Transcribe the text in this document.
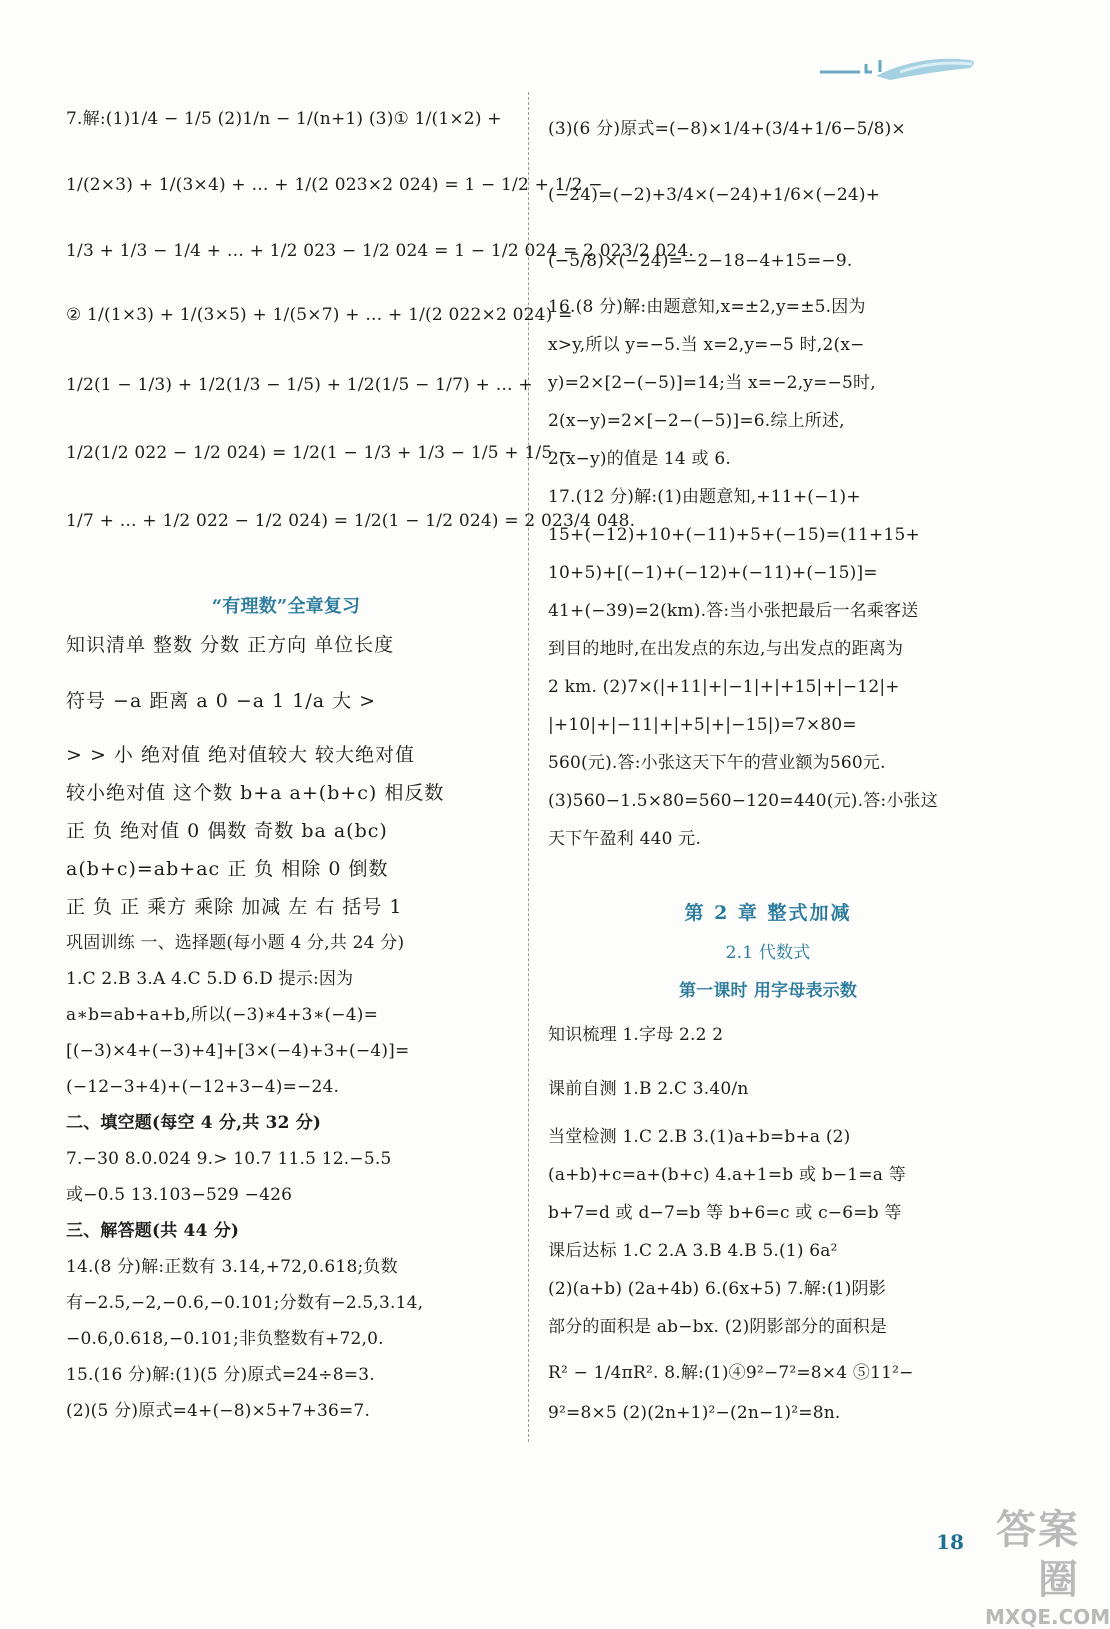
7.解:(1)1/4 − 1/5 (2)1/n − 1/(n+1) (3)① 1/(1×2) +

1/(2×3) + 1/(3×4) + … + 1/(2 023×2 024) = 1 − 1/2 + 1/2 −

1/3 + 1/3 − 1/4 + … + 1/2 023 − 1/2 024 = 1 − 1/2 024 = 2 023/2 024.

② 1/(1×3) + 1/(3×5) + 1/(5×7) + … + 1/(2 022×2 024) =

1/2(1 − 1/3) + 1/2(1/3 − 1/5) + 1/2(1/5 − 1/7) + … +

1/2(1/2 022 − 1/2 024) = 1/2(1 − 1/3 + 1/3 − 1/5 + 1/5 −

1/7 + … + 1/2 022 − 1/2 024) = 1/2(1 − 1/2 024) = 2 023/4 048.

“有理数”全章复习

知识清单 整数 分数 正方向 单位长度

符号 −a 距离 a 0 −a 1 1/a 大 >

> > 小 绝对值 绝对值较大 较大绝对值

较小绝对值 这个数 b+a a+(b+c) 相反数

正 负 绝对值 0 偶数 奇数 ba a(bc)

a(b+c)=ab+ac 正 负 相除 0 倒数

正 负 正 乘方 乘除 加减 左 右 括号 1

巩固训练 一、选择题(每小题 4 分,共 24 分)

1.C 2.B 3.A 4.C 5.D 6.D 提示:因为

a∗b=ab+a+b,所以(−3)∗4+3∗(−4)=

[(−3)×4+(−3)+4]+[3×(−4)+3+(−4)]=

(−12−3+4)+(−12+3−4)=−24.

二、填空题(每空 4 分,共 32 分)

7.−30 8.0.024 9.> 10.7 11.5 12.−5.5

或−0.5 13.103−529 −426

三、解答题(共 44 分)

14.(8 分)解:正数有 3.14,+72,0.618;负数

有−2.5,−2,−0.6,−0.101;分数有−2.5,3.14,

−0.6,0.618,−0.101;非负整数有+72,0.

15.(16 分)解:(1)(5 分)原式=24÷8=3.

(2)(5 分)原式=4+(−8)×5+7+36=7.

(3)(6 分)原式=(−8)×1/4+(3/4+1/6−5/8)×

(−24)=(−2)+3/4×(−24)+1/6×(−24)+

(−5/8)×(−24)=−2−18−4+15=−9.

16.(8 分)解:由题意知,x=±2,y=±5.因为

x>y,所以 y=−5.当 x=2,y=−5 时,2(x−

y)=2×[2−(−5)]=14;当 x=−2,y=−5时,

2(x−y)=2×[−2−(−5)]=6.综上所述,

2(x−y)的值是 14 或 6.

17.(12 分)解:(1)由题意知,+11+(−1)+

15+(−12)+10+(−11)+5+(−15)=(11+15+

10+5)+[(−1)+(−12)+(−11)+(−15)]=

41+(−39)=2(km).答:当小张把最后一名乘客送

到目的地时,在出发点的东边,与出发点的距离为

2 km. (2)7×(|+11|+|−1|+|+15|+|−12|+

|+10|+|−11|+|+5|+|−15|)=7×80=

560(元).答:小张这天下午的营业额为560元.

(3)560−1.5×80=560−120=440(元).答:小张这

天下午盈利 440 元.

第 2 章 整式加减

2.1 代数式

第一课时 用字母表示数

知识梳理 1.字母 2.2 2

课前自测 1.B 2.C 3.40/n

当堂检测 1.C 2.B 3.(1)a+b=b+a (2)

(a+b)+c=a+(b+c) 4.a+1=b 或 b−1=a 等

b+7=d 或 d−7=b 等 b+6=c 或 c−6=b 等

课后达标 1.C 2.A 3.B 4.B 5.(1) 6a²

(2)(a+b) (2a+4b) 6.(6x+5) 7.解:(1)阴影

部分的面积是 ab−bx. (2)阴影部分的面积是

R² − 1/4πR². 8.解:(1)④9²−7²=8×4 ⑤11²−

9²=8×5 (2)(2n+1)²−(2n−1)²=8n.

18 答案圈
MXQE.COM
